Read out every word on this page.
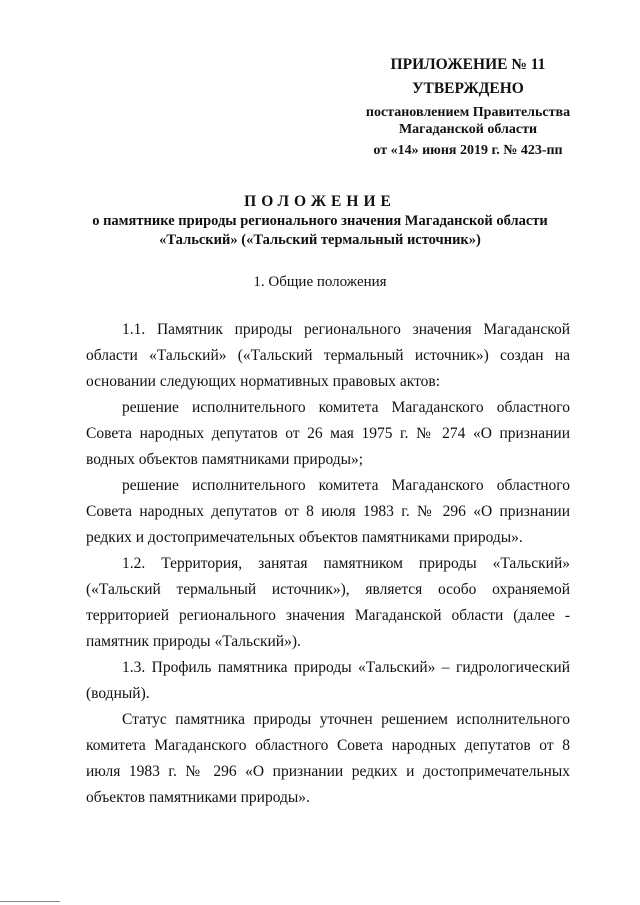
ПРИЛОЖЕНИЕ № 11
УТВЕРЖДЕНО
постановлением Правительства
Магаданской области
от «14» июня 2019 г. № 423-пп
ПОЛОЖЕНИЕ
о памятнике природы регионального значения Магаданской области
«Тальский» («Тальский термальный источник»)
1. Общие положения

1.1. Памятник природы регионального значения Магаданской области «Тальский» («Тальский термальный источник») создан на основании следующих нормативных правовых актов:

решение исполнительного комитета Магаданского областного Совета народных депутатов от 26 мая 1975 г. № 274 «О признании водных объектов памятниками природы»;

решение исполнительного комитета Магаданского областного Совета народных депутатов от 8 июля 1983 г. № 296 «О признании редких и достопримечательных объектов памятниками природы».

1.2. Территория, занятая памятником природы «Тальский» («Тальский термальный источник»), является особо охраняемой территорией регионального значения Магаданской области (далее - памятник природы «Тальский»).

1.3. Профиль памятника природы «Тальский» – гидрологический (водный).

Статус памятника природы уточнен решением исполнительного комитета Магаданского областного Совета народных депутатов от 8 июля 1983 г. № 296 «О признании редких и достопримечательных объектов памятниками природы».
